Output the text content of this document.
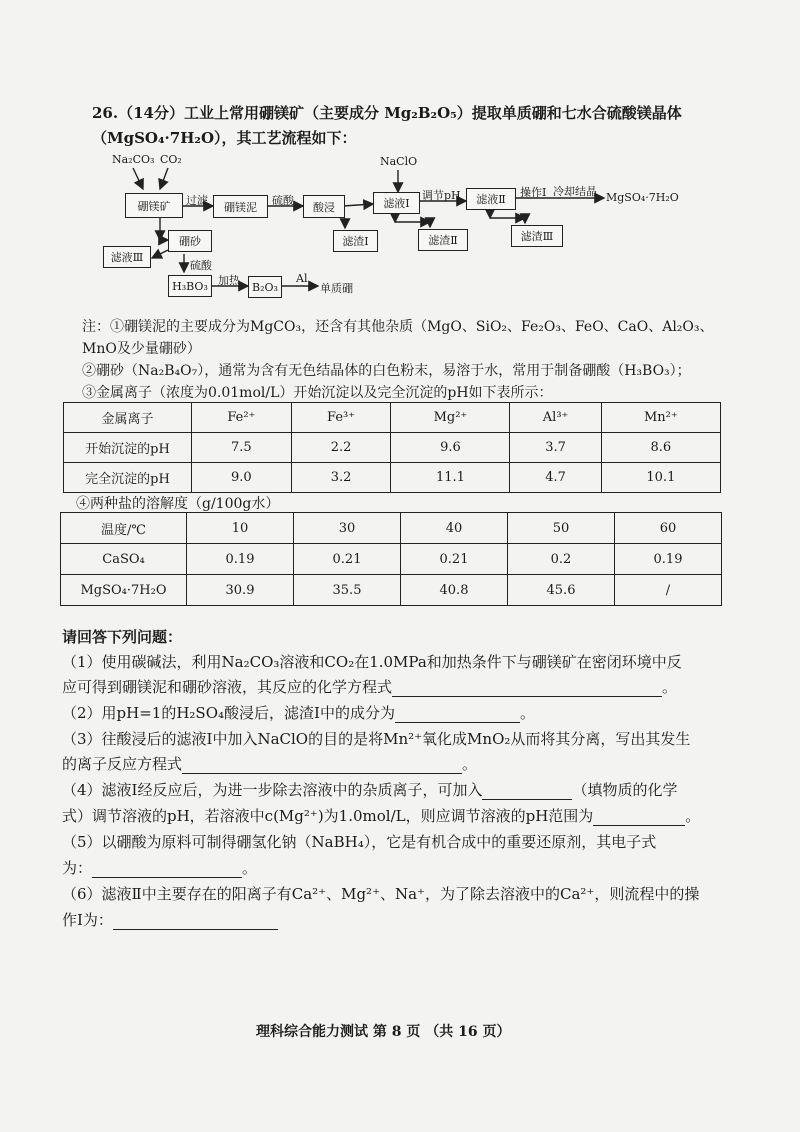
26.（14分）工业上常用硼镁矿（主要成分 Mg₂B₂O₅）提取单质硼和七水合硫酸镁晶体
（MgSO₄·7H₂O），其工艺流程如下：
Na₂CO₃ CO₂	NaClO
硼镁矿	硼镁泥	酸浸	滤液Ⅰ	滤液Ⅱ
滤渣Ⅰ	滤渣Ⅱ	滤渣Ⅲ
硼砂
滤液Ⅲ
H₃BO₃	B₂O₃
过滤	硫酸	调节pH	操作Ⅰ 冷却结晶 MgSO₄·7H₂O
硫酸
加热	Al
单质硼
注：①硼镁泥的主要成分为MgCO₃，还含有其他杂质（MgO、SiO₂、Fe₂O₃、FeO、CaO、Al₂O₃、
MnO及少量硼砂）
②硼砂（Na₂B₄O₇），通常为含有无色结晶体的白色粉末，易溶于水，常用于制备硼酸（H₃BO₃）；
③金属离子（浓度为0.01mol/L）开始沉淀以及完全沉淀的pH如下表所示：
金属离子	Fe²⁺	Fe³⁺	Mg²⁺	Al³⁺	Mn²⁺
开始沉淀的pH	7.5	2.2	9.6	3.7	8.6
完全沉淀的pH	9.0	3.2	11.1	4.7	10.1
④两种盐的溶解度（g/100g水）
温度/℃	10	30	40	50	60
CaSO₄	0.19	0.21	0.21	0.2	0.19
MgSO₄·7H₂O	30.9	35.5	40.8	45.6	/
请回答下列问题：
（1）使用碳碱法，利用Na₂CO₃溶液和CO₂在1.0MPa和加热条件下与硼镁矿在密闭环境中反
应可得到硼镁泥和硼砂溶液，其反应的化学方程式	。
（2）用pH=1的H₂SO₄酸浸后，滤渣Ⅰ中的成分为	。
（3）往酸浸后的滤液Ⅰ中加入NaClO的目的是将Mn²⁺氧化成MnO₂从而将其分离，写出其发生
的离子反应方程式	。
（4）滤液Ⅰ经反应后，为进一步除去溶液中的杂质离子，可加入	（填物质的化学
式）调节溶液的pH，若溶液中c(Mg²⁺)为1.0mol/L，则应调节溶液的pH范围为	。
（5）以硼酸为原料可制得硼氢化钠（NaBH₄），它是有机合成中的重要还原剂，其电子式
为：	。
（6）滤液Ⅱ中主要存在的阳离子有Ca²⁺、Mg²⁺、Na⁺，为了除去溶液中的Ca²⁺，则流程中的操
作Ⅰ为：
理科综合能力测试 第 8 页 （共 16 页）
